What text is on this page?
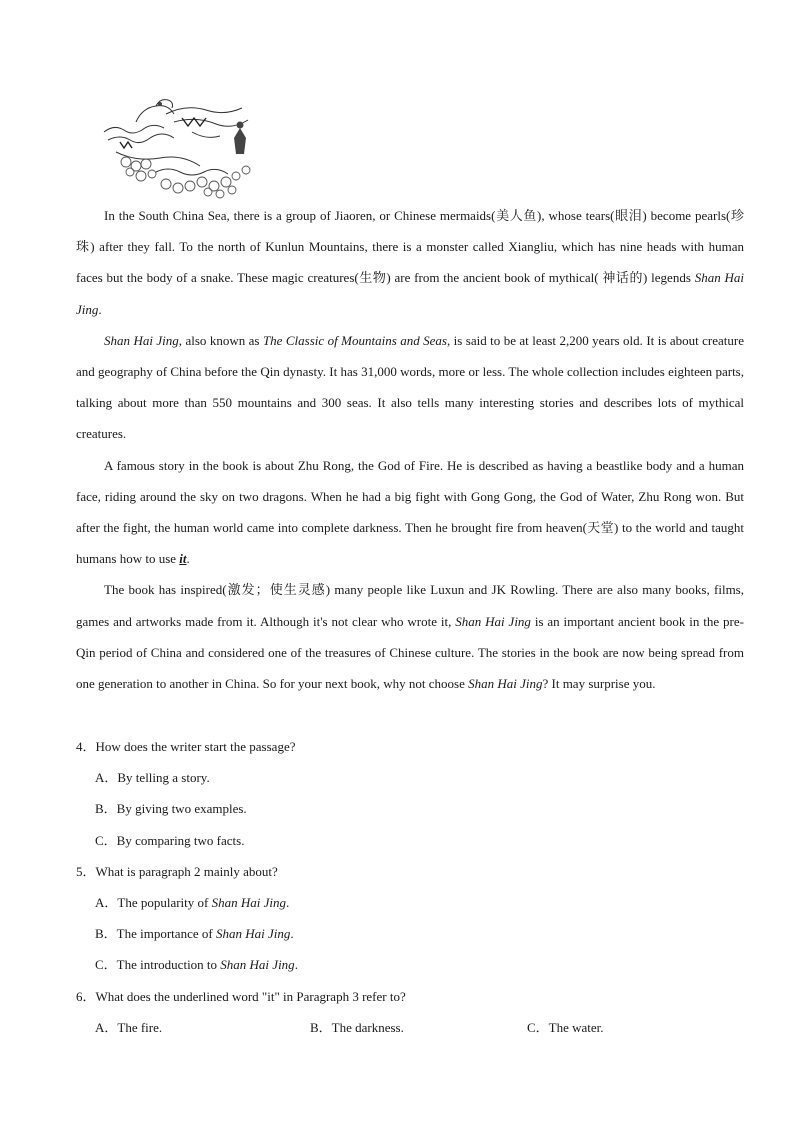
In the South China Sea, there is a group of Jiaoren, or Chinese mermaids(美人鱼), whose tears(眼泪) become pearls(珍珠) after they fall. To the north of Kunlun Mountains, there is a monster called Xiangliu, which has nine heads with human faces but the body of a snake. These magic creatures(生物) are from the ancient book of mythical( 神话的) legends Shan Hai Jing.

Shan Hai Jing, also known as The Classic of Mountains and Seas, is said to be at least 2,200 years old. It is about creature and geography of China before the Qin dynasty. It has 31,000 words, more or less. The whole collection includes eighteen parts, talking about more than 550 mountains and 300 seas. It also tells many interesting stories and describes lots of mythical creatures.

A famous story in the book is about Zhu Rong, the God of Fire. He is described as having a beastlike body and a human face, riding around the sky on two dragons. When he had a big fight with Gong Gong, the God of Water, Zhu Rong won. But after the fight, the human world came into complete darkness. Then he brought fire from heaven(天堂) to the world and taught humans how to use it.

The book has inspired(激发；使生灵感) many people like Luxun and JK Rowling. There are also many books, films, games and artworks made from it. Although it's not clear who wrote it, Shan Hai Jing is an important ancient book in the pre-Qin period of China and considered one of the treasures of Chinese culture. The stories in the book are now being spread from one generation to another in China. So for your next book, why not choose Shan Hai Jing? It may surprise you.

4．How does the writer start the passage?

A．By telling a story.

B．By giving two examples.

C．By comparing two facts.

5．What is paragraph 2 mainly about?

A．The popularity of Shan Hai Jing.

B．The importance of Shan Hai Jing.

C．The introduction to Shan Hai Jing.

6．What does the underlined word "it" in Paragraph 3 refer to?

A．The fire.	B．The darkness.	C．The water.
